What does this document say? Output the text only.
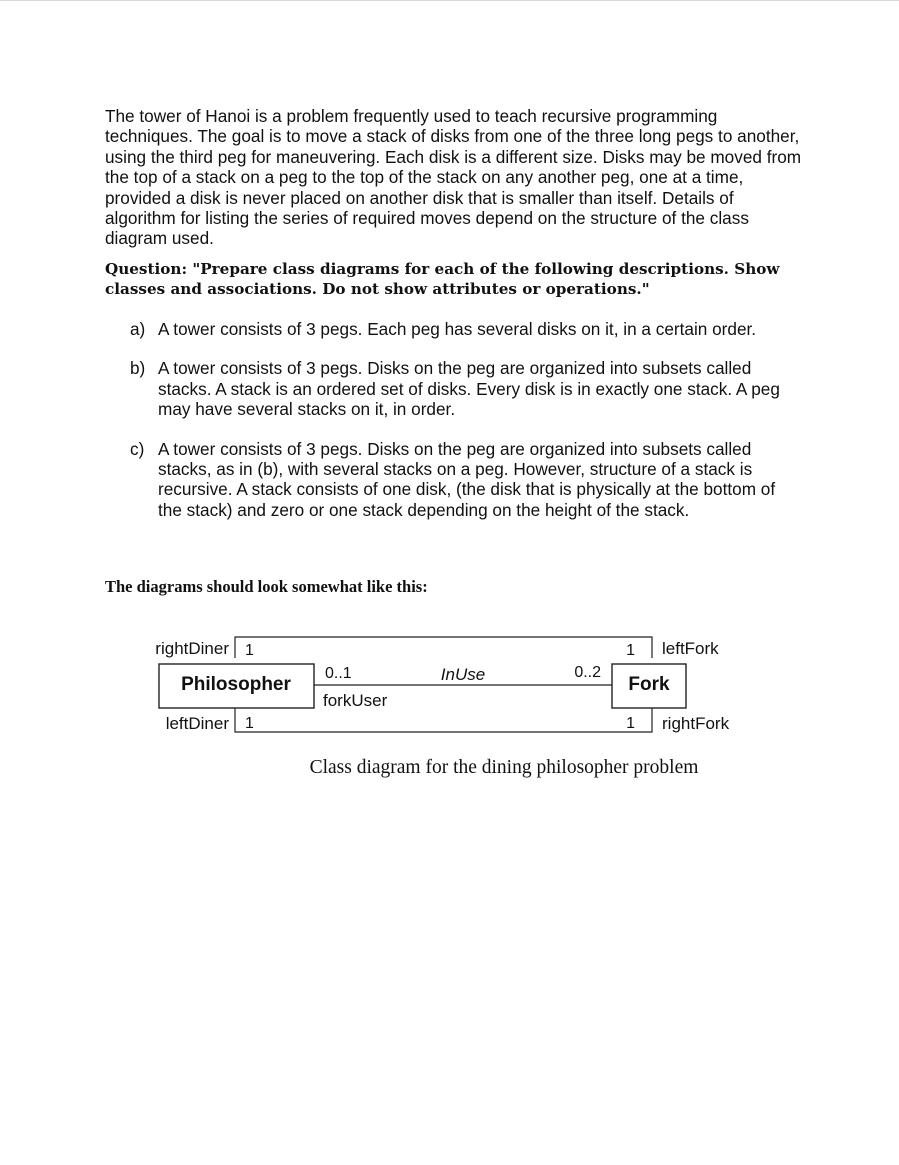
The tower of Hanoi is a problem frequently used to teach recursive programming techniques. The goal is to move a stack of disks from one of the three long pegs to another, using the third peg for maneuvering. Each disk is a different size. Disks may be moved from the top of a stack on a peg to the top of the stack on any another peg, one at a time, provided a disk is never placed on another disk that is smaller than itself. Details of algorithm for listing the series of required moves depend on the structure of the class diagram used.

Question: "Prepare class diagrams for each of the following descriptions. Show classes and associations. Do not show attributes or operations."

a) A tower consists of 3 pegs. Each peg has several disks on it, in a certain order.
b) A tower consists of 3 pegs. Disks on the peg are organized into subsets called stacks. A stack is an ordered set of disks. Every disk is in exactly one stack. A peg may have several stacks on it, in order.
c) A tower consists of 3 pegs. Disks on the peg are organized into subsets called stacks, as in (b), with several stacks on a peg. However, structure of a stack is recursive. A stack consists of one disk, (the disk that is physically at the bottom of the stack) and zero or one stack depending on the height of the stack.

The diagrams should look somewhat like this:

Philosopher	Fork
rightDiner
leftDiner
leftFork
rightFork
1
1
1
1
0..1	0..2
InUse
forkUser
Class diagram for the dining philosopher problem
